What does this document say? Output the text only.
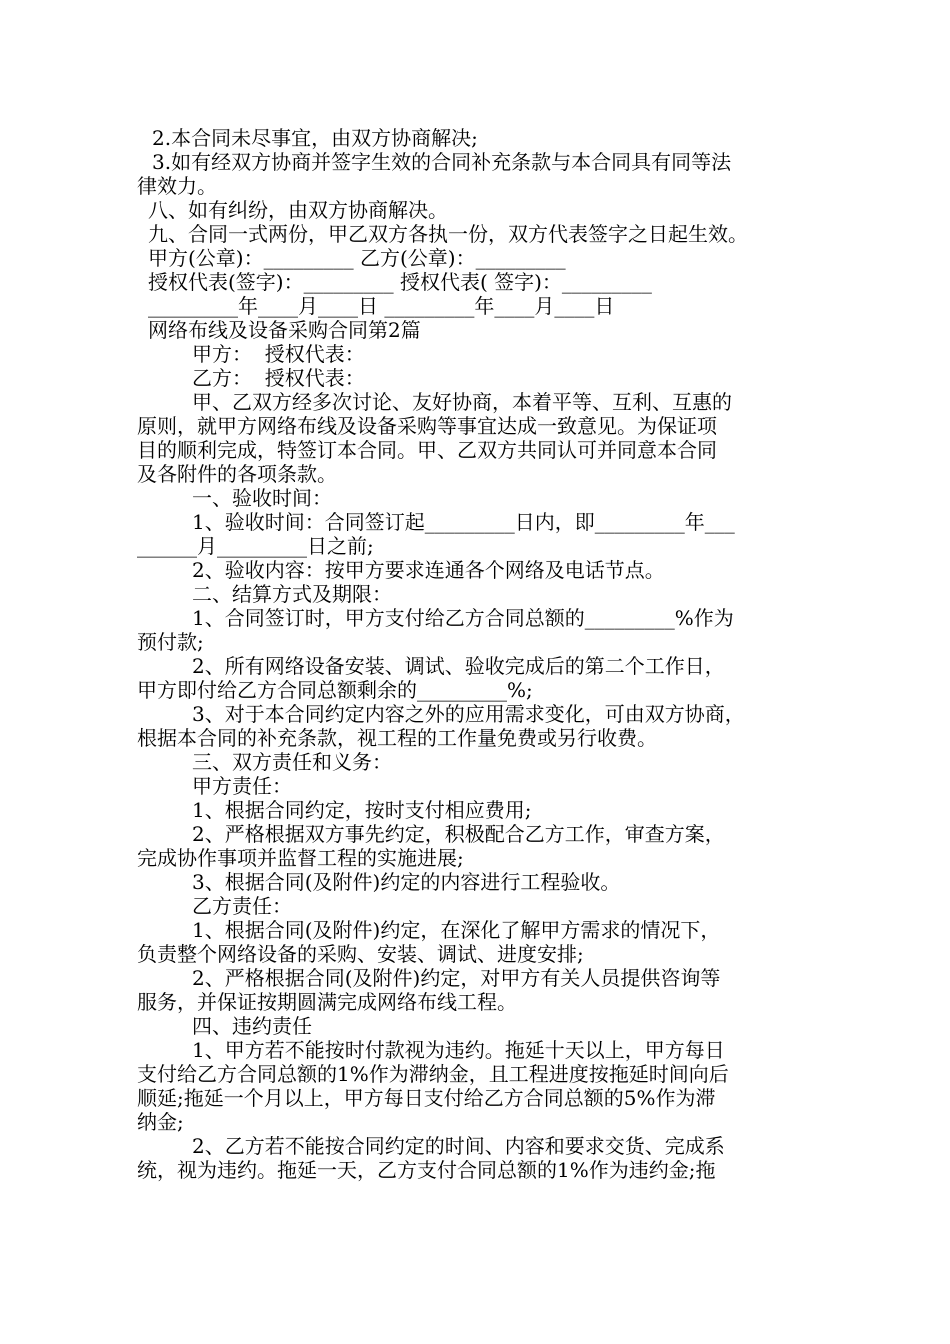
2.本合同未尽事宜，由双方协商解决;
3.如有经双方协商并签字生效的合同补充条款与本合同具有同等法
律效力。
八、如有纠纷，由双方协商解决。
九、合同一式两份，甲乙双方各执一份，双方代表签字之日起生效。
甲方(公章)：_________ 乙方(公章)：_________
授权代表(签字)：_________ 授权代表( 签字)：_________
_________年____月____日 _________年____月____日
网络布线及设备采购合同第2篇
甲方：  授权代表：
乙方：  授权代表：
甲、乙双方经多次讨论、友好协商，本着平等、互利、互惠的
原则，就甲方网络布线及设备采购等事宜达成一致意见。为保证项
目的顺利完成，特签订本合同。甲、乙双方共同认可并同意本合同
及各附件的各项条款。
一、验收时间：
1、验收时间：合同签订起_________日内，即_________年___
______月_________日之前;
2、验收内容：按甲方要求连通各个网络及电话节点。
二、结算方式及期限：
1、合同签订时，甲方支付给乙方合同总额的_________%作为
预付款;
2、所有网络设备安装、调试、验收完成后的第二个工作日，
甲方即付给乙方合同总额剩余的_________%;
3、对于本合同约定内容之外的应用需求变化，可由双方协商，
根据本合同的补充条款，视工程的工作量免费或另行收费。
三、双方责任和义务：
甲方责任：
1、根据合同约定，按时支付相应费用;
2、严格根据双方事先约定，积极配合乙方工作，审查方案，
完成协作事项并监督工程的实施进展;
3、根据合同(及附件)约定的内容进行工程验收。
乙方责任：
1、根据合同(及附件)约定，在深化了解甲方需求的情况下，
负责整个网络设备的采购、安装、调试、进度安排;
2、严格根据合同(及附件)约定，对甲方有关人员提供咨询等
服务，并保证按期圆满完成网络布线工程。
四、违约责任
1、甲方若不能按时付款视为违约。拖延十天以上，甲方每日
支付给乙方合同总额的1%作为滞纳金，且工程进度按拖延时间向后
顺延;拖延一个月以上，甲方每日支付给乙方合同总额的5%作为滞
纳金;
2、乙方若不能按合同约定的时间、内容和要求交货、完成系
统，视为违约。拖延一天，乙方支付合同总额的1%作为违约金;拖
